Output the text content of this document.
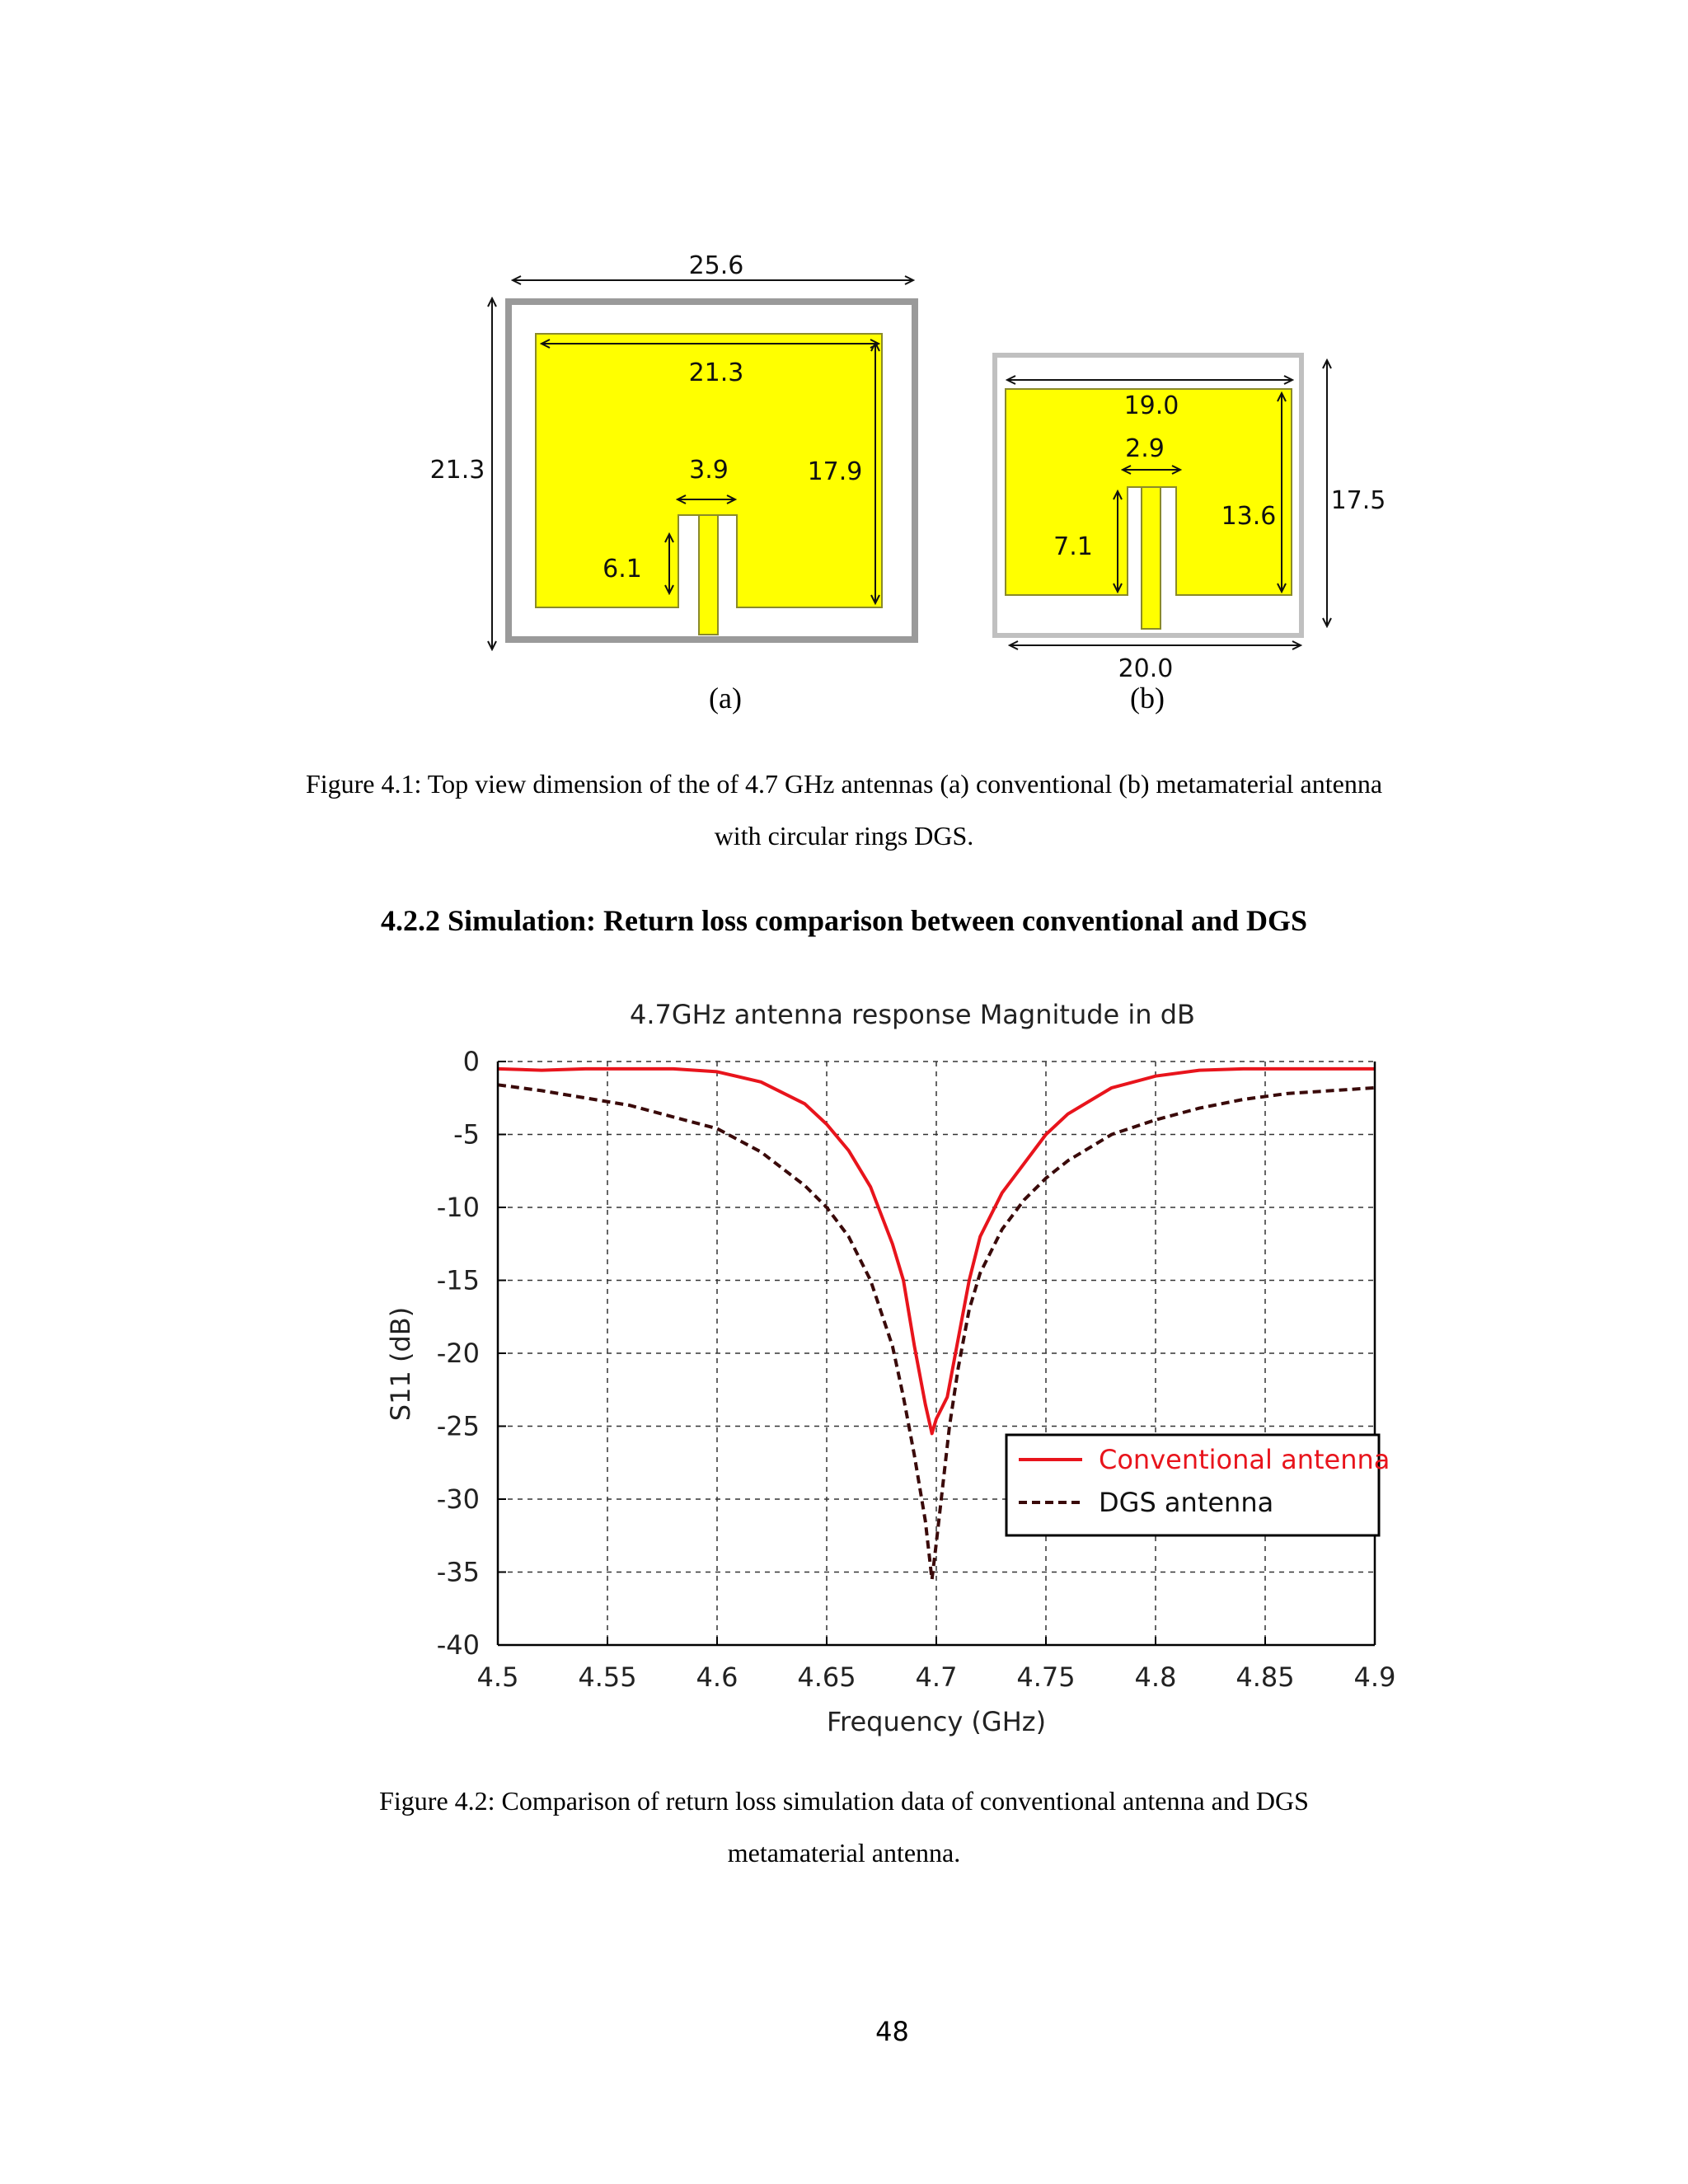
25.6
21.3
21.3
17.9
3.9
6.1
19.0
2.9
13.6
17.5
7.1
20.0
(a)	(b)
Figure 4.1: Top view dimension of the of 4.7 GHz antennas (a) conventional (b) metamaterial antenna
with circular rings DGS.
4.2.2 Simulation: Return loss comparison between conventional and DGS
4.7GHz antenna response Magnitude in dB
4.5 4.55 4.6 4.65 4.7 4.75 4.8 4.85 4.9
0
-5
-10
-15
-20
-25
-30
-35
-40
Frequency (GHz)
S11 (dB)
Conventional antenna
DGS antenna
Figure 4.2: Comparison of return loss simulation data of conventional antenna and DGS
metamaterial antenna.
48
